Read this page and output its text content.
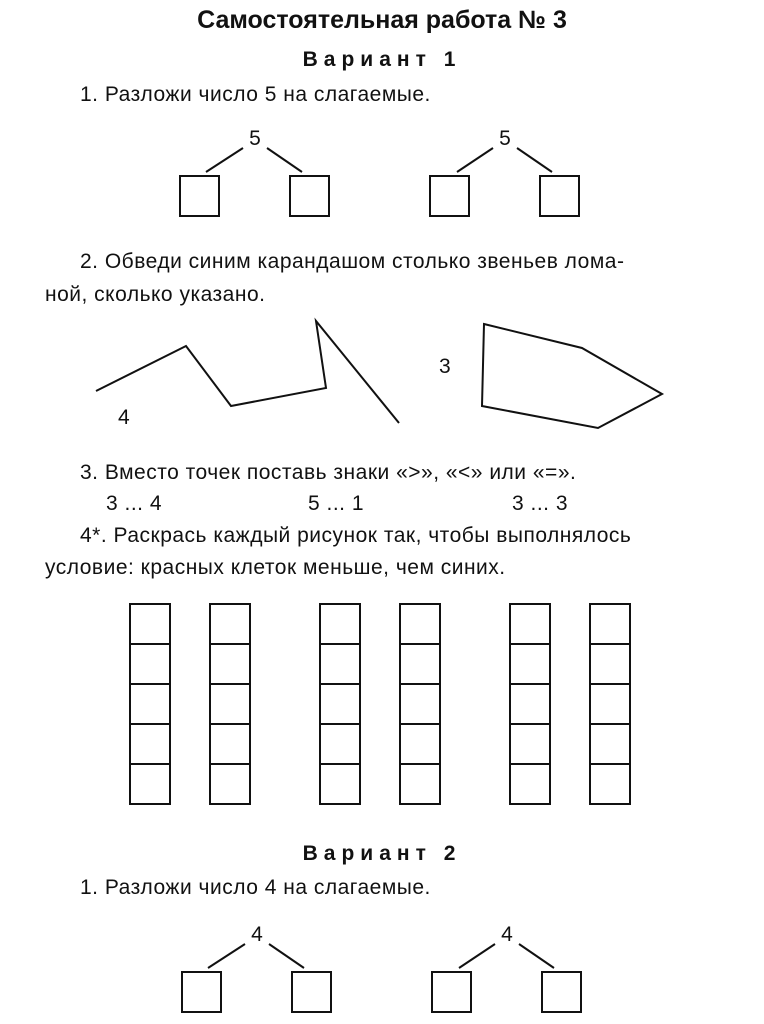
Самостоятельная работа № 3
Вариант 1
1. Разложи число 5 на слагаемые.
5	5
2. Обведи синим карандашом столько звеньев лома-
ной, сколько указано.
4
3
3. Вместо точек поставь знаки «>», «<» или «=».
3 ... 4	5 ... 1	3 ... 3
4*. Раскрась каждый рисунок так, чтобы выполнялось
условие: красных клеток меньше, чем синих.
Вариант 2
1. Разложи число 4 на слагаемые.
4	4
